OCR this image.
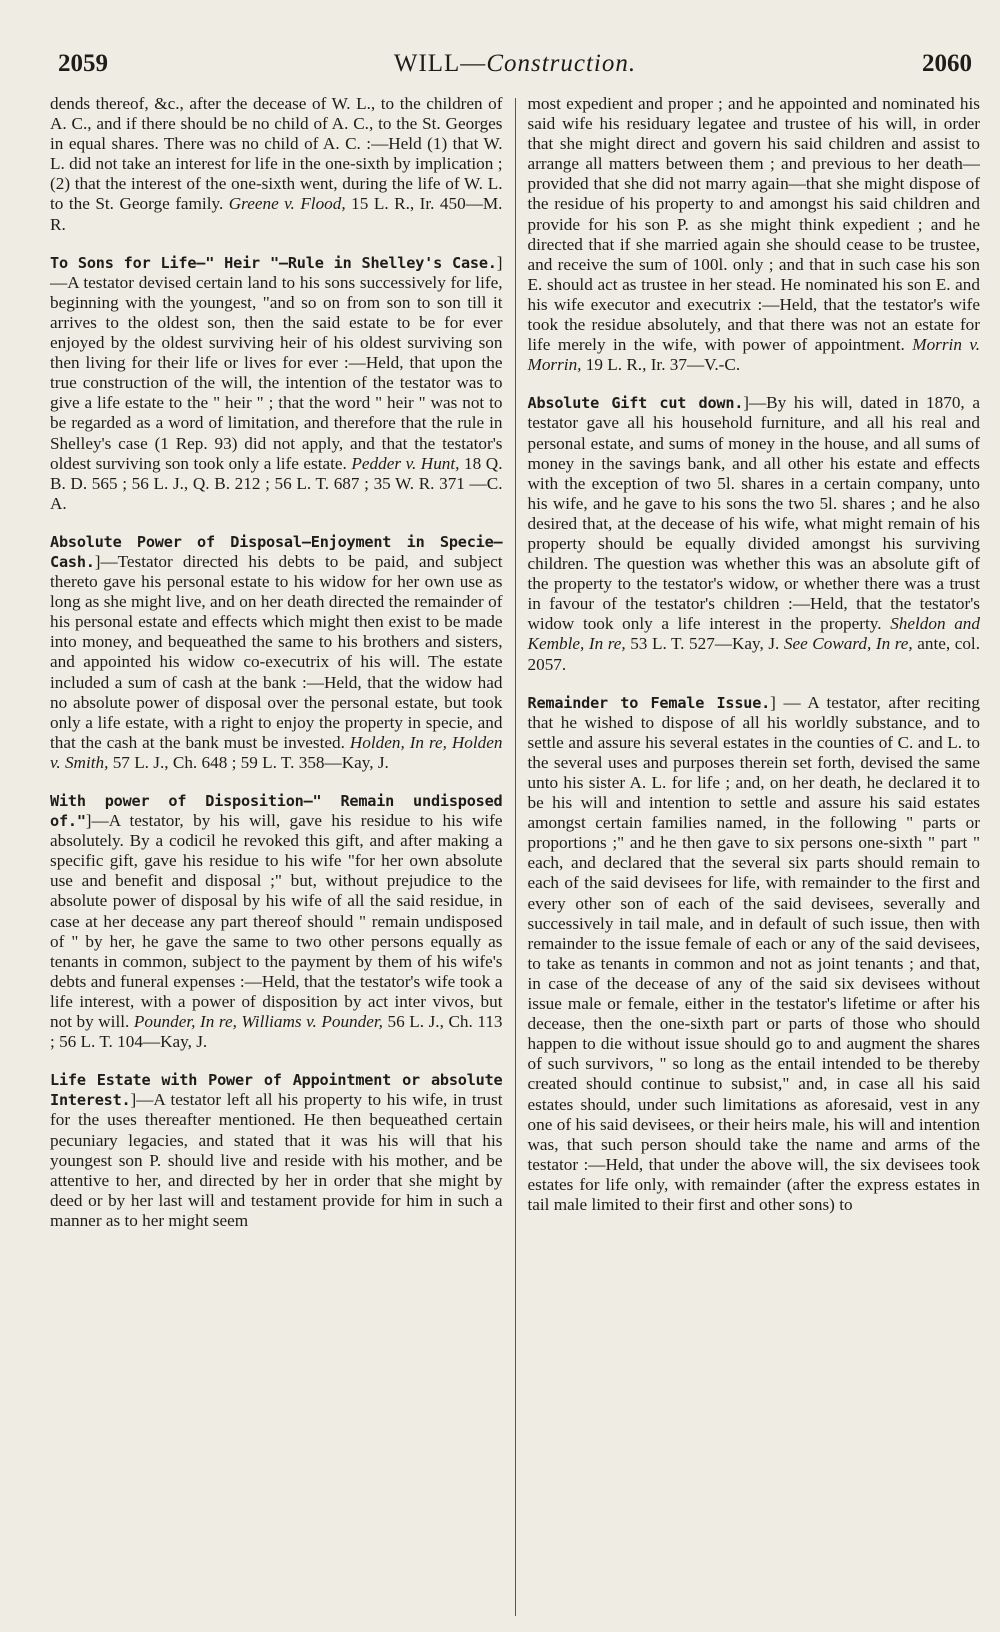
2059	WILL—Construction.	2060

dends thereof, &c., after the decease of W. L., to the children of A. C., and if there should be no child of A. C., to the St. Georges in equal shares. There was no child of A. C. :—Held (1) that W. L. did not take an interest for life in the one-sixth by implication ; (2) that the interest of the one-sixth went, during the life of W. L. to the St. George family. Greene v. Flood, 15 L. R., Ir. 450—M. R.

To Sons for Life—" Heir "—Rule in Shelley's Case.]—A testator devised certain land to his sons successively for life, beginning with the youngest, "and so on from son to son till it arrives to the oldest son, then the said estate to be for ever enjoyed by the oldest surviving heir of his oldest surviving son then living for their life or lives for ever :—Held, that upon the true construction of the will, the intention of the testator was to give a life estate to the " heir " ; that the word " heir " was not to be regarded as a word of limitation, and therefore that the rule in Shelley's case (1 Rep. 93) did not apply, and that the testator's oldest surviving son took only a life estate. Pedder v. Hunt, 18 Q. B. D. 565 ; 56 L. J., Q. B. 212 ; 56 L. T. 687 ; 35 W. R. 371 —C. A.

Absolute Power of Disposal—Enjoyment in Specie—Cash.]—Testator directed his debts to be paid, and subject thereto gave his personal estate to his widow for her own use as long as she might live, and on her death directed the remainder of his personal estate and effects which might then exist to be made into money, and bequeathed the same to his brothers and sisters, and appointed his widow co-executrix of his will. The estate included a sum of cash at the bank :—Held, that the widow had no absolute power of disposal over the personal estate, but took only a life estate, with a right to enjoy the property in specie, and that the cash at the bank must be invested. Holden, In re, Holden v. Smith, 57 L. J., Ch. 648 ; 59 L. T. 358—Kay, J.

With power of Disposition—" Remain undisposed of."]—A testator, by his will, gave his residue to his wife absolutely. By a codicil he revoked this gift, and after making a specific gift, gave his residue to his wife "for her own absolute use and benefit and disposal ;" but, without prejudice to the absolute power of disposal by his wife of all the said residue, in case at her decease any part thereof should " remain undisposed of " by her, he gave the same to two other persons equally as tenants in common, subject to the payment by them of his wife's debts and funeral expenses :—Held, that the testator's wife took a life interest, with a power of disposition by act inter vivos, but not by will. Pounder, In re, Williams v. Pounder, 56 L. J., Ch. 113 ; 56 L. T. 104—Kay, J.

Life Estate with Power of Appointment or absolute Interest.]—A testator left all his property to his wife, in trust for the uses thereafter mentioned. He then bequeathed certain pecuniary legacies, and stated that it was his will that his youngest son P. should live and reside with his mother, and be attentive to her, and directed by her in order that she might by deed or by her last will and testament provide for him in such a manner as to her might seem

most expedient and proper ; and he appointed and nominated his said wife his residuary legatee and trustee of his will, in order that she might direct and govern his said children and assist to arrange all matters between them ; and previous to her death—provided that she did not marry again—that she might dispose of the residue of his property to and amongst his said children and provide for his son P. as she might think expedient ; and he directed that if she married again she should cease to be trustee, and receive the sum of 100l. only ; and that in such case his son E. should act as trustee in her stead. He nominated his son E. and his wife executor and executrix :—Held, that the testator's wife took the residue absolutely, and that there was not an estate for life merely in the wife, with power of appointment. Morrin v. Morrin, 19 L. R., Ir. 37—V.-C.

Absolute Gift cut down.]—By his will, dated in 1870, a testator gave all his household furniture, and all his real and personal estate, and sums of money in the house, and all sums of money in the savings bank, and all other his estate and effects with the exception of two 5l. shares in a certain company, unto his wife, and he gave to his sons the two 5l. shares ; and he also desired that, at the decease of his wife, what might remain of his property should be equally divided amongst his surviving children. The question was whether this was an absolute gift of the property to the testator's widow, or whether there was a trust in favour of the testator's children :—Held, that the testator's widow took only a life interest in the property. Sheldon and Kemble, In re, 53 L. T. 527—Kay, J. See Coward, In re, ante, col. 2057.

Remainder to Female Issue.] — A testator, after reciting that he wished to dispose of all his worldly substance, and to settle and assure his several estates in the counties of C. and L. to the several uses and purposes therein set forth, devised the same unto his sister A. L. for life ; and, on her death, he declared it to be his will and intention to settle and assure his said estates amongst certain families named, in the following " parts or proportions ;" and he then gave to six persons one-sixth " part " each, and declared that the several six parts should remain to each of the said devisees for life, with remainder to the first and every other son of each of the said devisees, severally and successively in tail male, and in default of such issue, then with remainder to the issue female of each or any of the said devisees, to take as tenants in common and not as joint tenants ; and that, in case of the decease of any of the said six devisees without issue male or female, either in the testator's lifetime or after his decease, then the one-sixth part or parts of those who should happen to die without issue should go to and augment the shares of such survivors, " so long as the entail intended to be thereby created should continue to subsist," and, in case all his said estates should, under such limitations as aforesaid, vest in any one of his said devisees, or their heirs male, his will and intention was, that such person should take the name and arms of the testator :—Held, that under the above will, the six devisees took estates for life only, with remainder (after the express estates in tail male limited to their first and other sons) to
